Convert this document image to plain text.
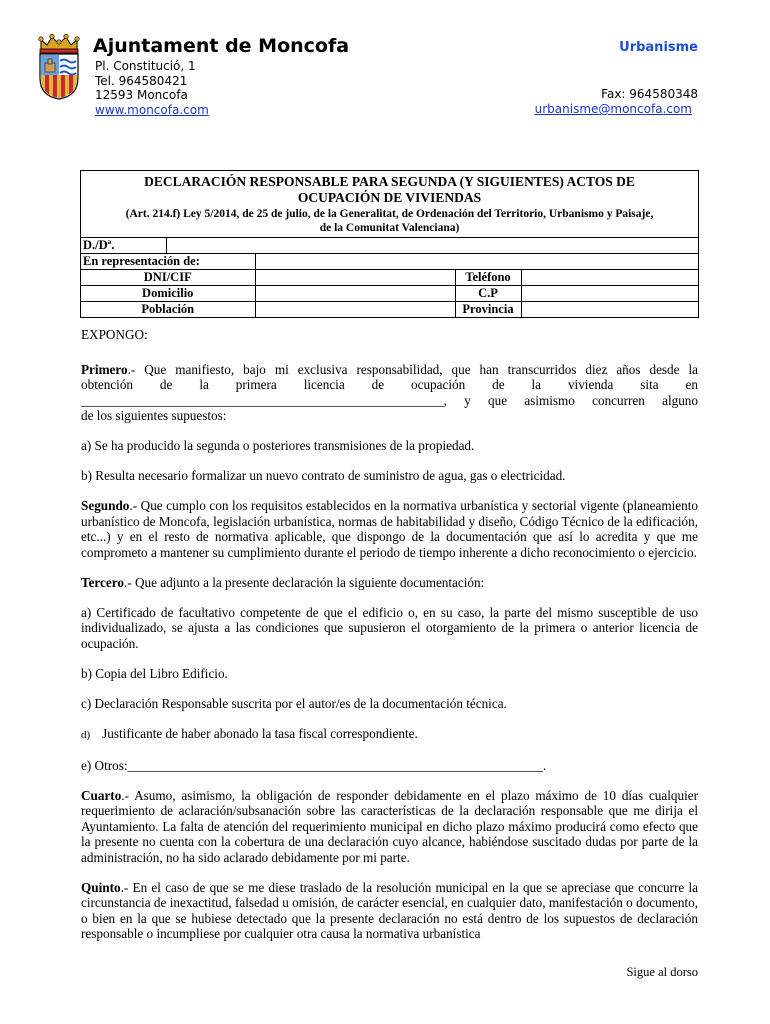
Ajuntament de Moncofa
Pl. Constitució, 1
Tel. 964580421
12593 Moncofa
www.moncofa.com
Urbanisme
Fax: 964580348
urbanisme@moncofa.com
DECLARACIÓN RESPONSABLE PARA SEGUNDA (Y SIGUIENTES) ACTOS DE
OCUPACIÓN DE VIVIENDAS
(Art. 214.f) Ley 5/2014, de 25 de julio, de la Generalitat, de Ordenación del Territorio, Urbanismo y Paisaje,
de la Comunitat Valenciana)
D./Dª.				
En representación de:				
DNI/CIF			Teléfono	
Domicilio			C.P	
Población			Provincia	

EXPONGO:

Primero.- Que manifiesto, bajo mi exclusiva responsabilidad, que han transcurridos diez años desde la
obtención de la primera licencia de ocupación de la vivienda sita en
_______________________________________________________, y que asimismo concurren alguno
de los siguientes supuestos:

a) Se ha producido la segunda o posteriores transmisiones de la propiedad.

b) Resulta necesario formalizar un nuevo contrato de suministro de agua, gas o electricidad.

Segundo.- Que cumplo con los requisitos establecidos en la normativa urbanística y sectorial vigente (planeamiento urbanístico de Moncofa, legislación urbanística, normas de habitabilidad y diseño, Código Técnico de la edificación, etc...) y en el resto de normativa aplicable, que dispongo de la documentación que así lo acredita y que me comprometo a mantener su cumplimiento durante el periodo de tiempo inherente a dicho reconocimiento o ejercicio.

Tercero.- Que adjunto a la presente declaración la siguiente documentación:

a) Certificado de facultativo competente de que el edificio o, en su caso, la parte del mismo susceptible de uso individualizado, se ajusta a las condiciones que supusieron el otorgamiento de la primera o anterior licencia de ocupación.

b) Copia del Libro Edificio.

c) Declaración Responsable suscrita por el autor/es de la documentación técnica.

d) Justificante de haber abonado la tasa fiscal correspondiente.

e) Otros:_______________________________________________________________.

Cuarto.- Asumo, asimismo, la obligación de responder debidamente en el plazo máximo de 10 días cualquier requerimiento de aclaración/subsanación sobre las características de la declaración responsable que me dirija el Ayuntamiento. La falta de atención del requerimiento municipal en dicho plazo máximo producirá como efecto que la presente no cuenta con la cobertura de una declaración cuyo alcance, habiéndose suscitado dudas por parte de la administración, no ha sido aclarado debidamente por mi parte.

Quinto.- En el caso de que se me diese traslado de la resolución municipal en la que se apreciase que concurre la circunstancia de inexactitud, falsedad u omisión, de carácter esencial, en cualquier dato, manifestación o documento, o bien en la que se hubiese detectado que la presente declaración no está dentro de los supuestos de declaración responsable o incumpliese por cualquier otra causa la normativa urbanística

Sigue al dorso
